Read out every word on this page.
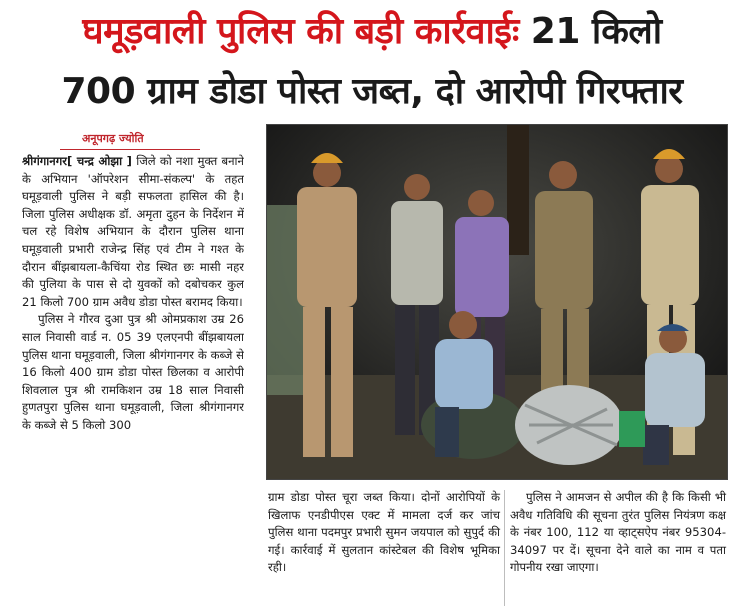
घमूड़वाली पुलिस की बड़ी कार्रवाईः 21 किलो
700 ग्राम डोडा पोस्त जब्त, दो आरोपी गिरफ्तार
अनूपगढ़ ज्योति

श्रीगंगानगर[ चन्द्र ओझा ] जिले को नशा मुक्त बनाने के अभियान 'ऑपरेशन सीमा-संकल्प' के तहत घमूड़वाली पुलिस ने बड़ी सफलता हासिल की है। जिला पुलिस अधीक्षक डॉ. अमृता दुहन के निर्देशन में चल रहे विशेष अभियान के दौरान पुलिस थाना घमूड़वाली प्रभारी राजेन्द्र सिंह एवं टीम ने गश्त के दौरान बींझबायला-कैचिंया रोड स्थित छः मासी नहर की पुलिया के पास से दो युवकों को दबोचकर कुल 21 किलो 700 ग्राम अवैध डोडा पोस्त बरामद किया।

पुलिस ने गौरव दुआ पुत्र श्री ओमप्रकाश उम्र 26 साल निवासी वार्ड न. 05 39 एलएनपी बींझबायला पुलिस थाना घमूड़वाली, जिला श्रीगंगानगर के कब्जे से 16 किलो 400 ग्राम डोडा पोस्त छिलका व आरोपी शिवलाल पुत्र श्री रामकिशन उम्र 18 साल निवासी हुणतपुरा पुलिस थाना घमूड़वाली, जिला श्रीगंगानगर के कब्जे से 5 किलो 300

ग्राम डोडा पोस्त चूरा जब्त किया। दोनों आरोपियों के खिलाफ एनडीपीएस एक्ट में मामला दर्ज कर जांच पुलिस थाना पदमपुर प्रभारी सुमन जयपाल को सुपुर्द की गई। कार्रवाई में सुलतान कांस्टेबल की विशेष भूमिका रही।

पुलिस ने आमजन से अपील की है कि किसी भी अवैध गतिविधि की सूचना तुरंत पुलिस नियंत्रण कक्ष के नंबर 100, 112 या व्हाट्सऐप नंबर 95304-34097 पर दें। सूचना देने वाले का नाम व पता गोपनीय रखा जाएगा।
